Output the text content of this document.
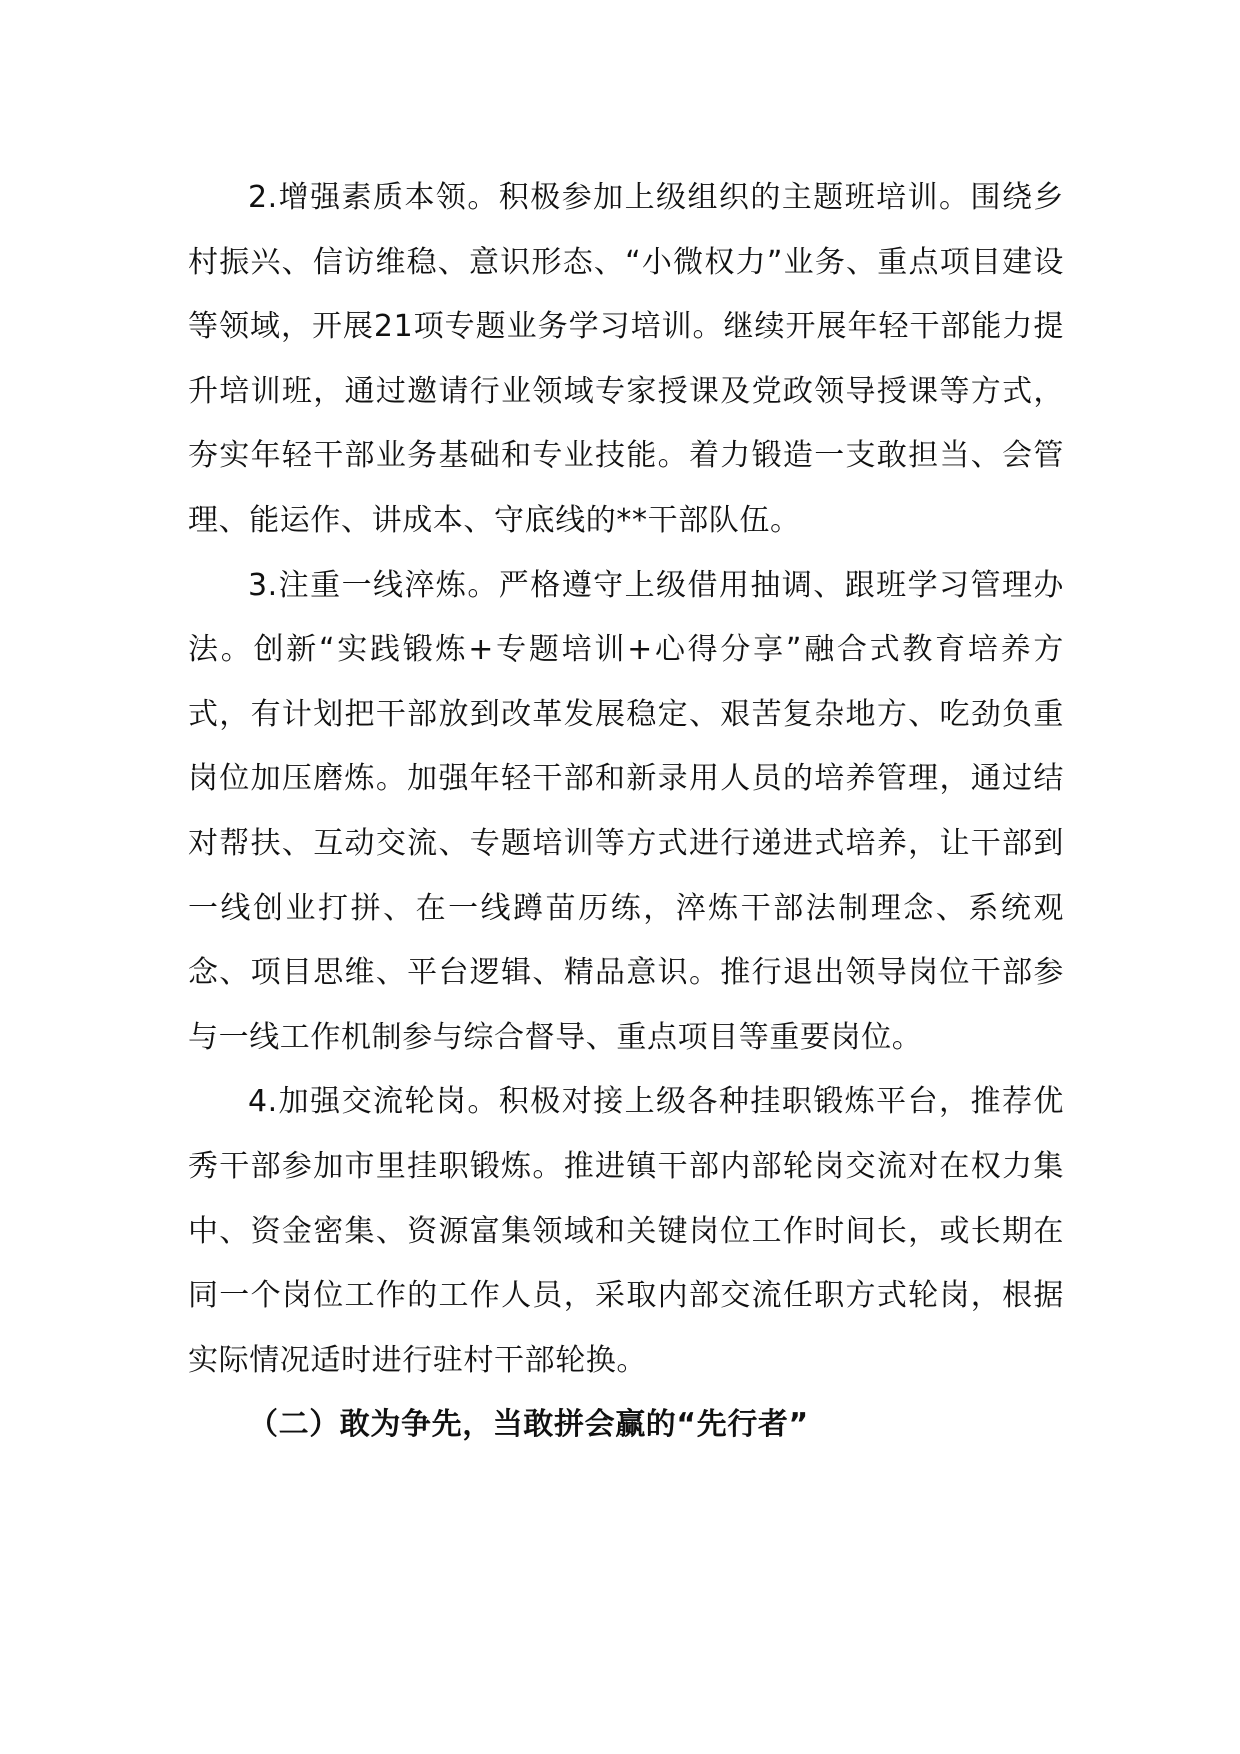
2.增强素质本领。积极参加上级组织的主题班培训。围绕乡村振兴、信访维稳、意识形态、“小微权力”业务、重点项目建设等领域，开展21项专题业务学习培训。继续开展年轻干部能力提升培训班，通过邀请行业领域专家授课及党政领导授课等方式，夯实年轻干部业务基础和专业技能。着力锻造一支敢担当、会管理、能运作、讲成本、守底线的**干部队伍。

3.注重一线淬炼。严格遵守上级借用抽调、跟班学习管理办法。创新“实践锻炼+专题培训+心得分享”融合式教育培养方式，有计划把干部放到改革发展稳定、艰苦复杂地方、吃劲负重岗位加压磨炼。加强年轻干部和新录用人员的培养管理，通过结对帮扶、互动交流、专题培训等方式进行递进式培养，让干部到一线创业打拼、在一线蹲苗历练，淬炼干部法制理念、系统观念、项目思维、平台逻辑、精品意识。推行退出领导岗位干部参与一线工作机制参与综合督导、重点项目等重要岗位。

4.加强交流轮岗。积极对接上级各种挂职锻炼平台，推荐优秀干部参加市里挂职锻炼。推进镇干部内部轮岗交流对在权力集中、资金密集、资源富集领域和关键岗位工作时间长，或长期在同一个岗位工作的工作人员，采取内部交流任职方式轮岗，根据实际情况适时进行驻村干部轮换。

（二）敢为争先，当敢拼会赢的“先行者”
